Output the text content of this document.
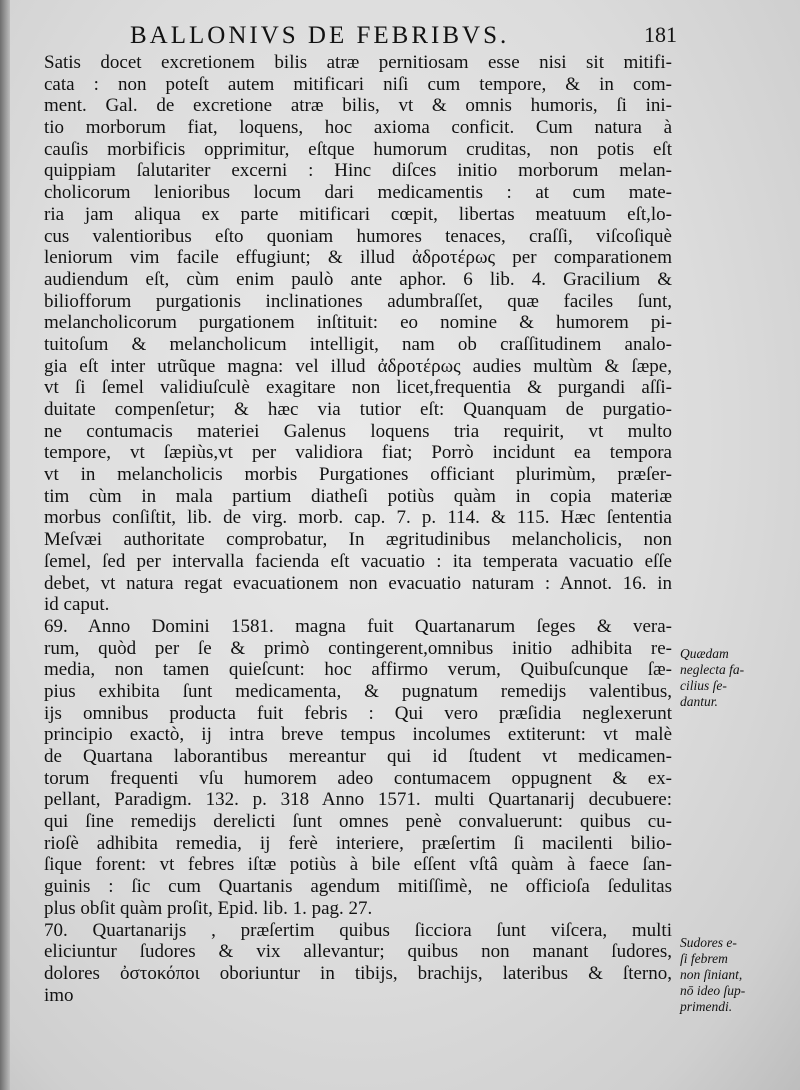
BALLONIVS DE FEBRIBVS.	181
Satis docet excretionem bilis atræ pernitiosam esse nisi sit mitifi-
cata : non poteſt autem mitificari niſi cum tempore, & in com-
ment. Gal. de excretione atræ bilis, vt & omnis humoris, ſi ini-
tio morborum fiat, loquens, hoc axioma conficit. Cum natura à
cauſis morbificis opprimitur, eſtque humorum cruditas, non potis eſt
quippiam ſalutariter excerni : Hinc diſces initio morborum melan-
cholicorum lenioribus locum dari medicamentis : at cum mate-
ria jam aliqua ex parte mitificari cœpit, libertas meatuum eſt,lo-
cus valentioribus eſto quoniam humores tenaces, craſſi, viſcoſiquè
leniorum vim facile effugiunt; & illud ἀδρoτέρως per comparationem
audiendum eſt, cùm enim paulò ante aphor. 6 lib. 4. Gracilium &
biliofforum purgationis inclinationes adumbraſſet, quæ faciles ſunt,
melancholicorum purgationem inſtituit: eo nomine & humorem pi-
tuitoſum & melancholicum intelligit, nam ob craſſitudinem analo-
gia eſt inter utrũque magna: vel illud ἀδρoτέρως audies multùm & ſæpe,
vt ſi ſemel validiuſculè exagitare non licet,frequentia & purgandi aſſi-
duitate compenſetur; & hæc via tutior eſt: Quanquam de purgatio-
ne contumacis materiei Galenus loquens tria requirit, vt multo
tempore, vt ſæpiùs,vt per validiora fiat; Porrò incidunt ea tempora
vt in melancholicis morbis Purgationes officiant plurimùm, præſer-
tim cùm in mala partium diatheſi potiùs quàm in copia materiæ
morbus conſiſtit, lib. de virg. morb. cap. 7. p. 114. & 115. Hæc ſententia
Meſvæi authoritate comprobatur, In ægritudinibus melancholicis, non
ſemel, ſed per intervalla facienda eſt vacuatio : ita temperata vacuatio eſſe
debet, vt natura regat evacuationem non evacuatio naturam : Annot. 16. in
id caput.
69. Anno Domini 1581. magna fuit Quartanarum ſeges & vera-
rum, quòd per ſe & primò contingerent,omnibus initio adhibita re-
media, non tamen quieſcunt: hoc affirmo verum, Quibuſcunque ſæ-
pius exhibita ſunt medicamenta, & pugnatum remedijs valentibus,
ijs omnibus producta fuit febris : Qui vero præſidia neglexerunt
principio exactò, ij intra breve tempus incolumes extiterunt: vt malè
de Quartana laborantibus mereantur qui id ſtudent vt medicamen-
torum frequenti vſu humorem adeo contumacem oppugnent & ex-
pellant, Paradigm. 132. p. 318 Anno 1571. multi Quartanarij decubuere:
qui ſine remedijs derelicti ſunt omnes penè convaluerunt: quibus cu-
rioſè adhibita remedia, ij ferè interiere, præſertim ſi macilenti bilio-
ſique forent: vt febres iſtæ potiùs à bile eſſent vſtâ quàm à faece ſan-
guinis : ſic cum Quartanis agendum mitiſſimè, ne officioſa ſedulitas
plus obſit quàm proſit, Epid. lib. 1. pag. 27.
70. Quartanarijs , præſertim quibus ſicciora ſunt viſcera, multi
eliciuntur ſudores & vix allevantur; quibus non manant ſudores,
dolores ὀστοκόποι oboriuntur in tibijs, brachijs, lateribus & ſterno,
imo
Quædam
neglecta fa-
cilius ſe-
dantur.
Sudores e-
ſi febrem
non ſiniant,
nō ideo ſup-
primendi.
